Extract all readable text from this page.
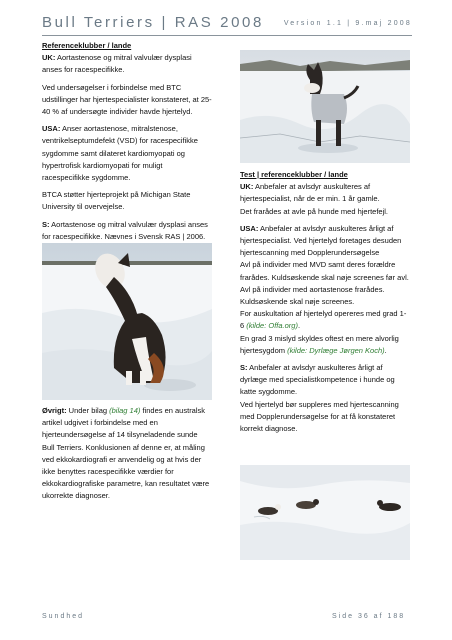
Bull Terriers | RAS 2008	Version 1.1 | 9.maj 2008

Referenceklubber / lande

UK: Aortastenose og mitral valvulær dysplasi anses for racespecifikke.

Ved undersøgelser i forbindelse med BTC udstillinger har hjertespecialister konstateret, at 25-40 % af undersøgte individer havde hjertelyd.

USA: Anser aortastenose, mitralstenose, ventrikelseptumdefekt (VSD) for racespecifikke sygdomme samt dilateret kardiomyopati og hypertrofisk kardiomyopati for muligt racespecifikke sygdomme.

BTCA støtter hjerteprojekt på Michigan State University til overvejelse.

S: Aortastenose og mitral valvulær dysplasi anses for racespecifikke. Nævnes i Svensk RAS | 2006.

Øvrigt: Under bilag (bilag 14) findes en australsk artikel udgivet i forbindelse med en hjerteundersøgelse af 14 tilsyneladende sunde Bull Terriers. Konklusionen af denne er, at måling ved ekkokardiografi er anvendelig og at hvis der ikke benyttes racespecifikke værdier for ekkokardiografiske parametre, kan resultatet være ukorrekte diagnoser.

Test | referenceklubber / lande

UK: Anbefaler at avlsdyr auskulteres af hjertespecialist, når de er min. 1 år gamle.

Det frarådes at avle på hunde med hjertefejl.

USA: Anbefaler at avlsdyr auskulteres årligt af hjertespecialist. Ved hjertelyd foretages desuden hjertescanning med Dopplerundersøgelse

Avl på individer med MVD samt deres forældre frarådes. Kuldsøskende skal nøje screenes før avl.

Avl på individer med aortastenose frarådes. Kuldsøskende skal nøje screenes.

For auskultation af hjertelyd opereres med grad 1-6 (kilde: Offa.org).

En grad 3 mislyd skyldes oftest en mere alvorlig hjertesygdom (kilde: Dyrlæge Jørgen Koch).

S: Anbefaler at avlsdyr auskulteres årligt af dyrlæge med specialistkompetence i hunde og katte sygdomme.

Ved hjertelyd bør suppleres med hjertescanning med Dopplerundersøgelse for at få konstateret korrekt diagnose.

Sundhed	Side 36 af 188
